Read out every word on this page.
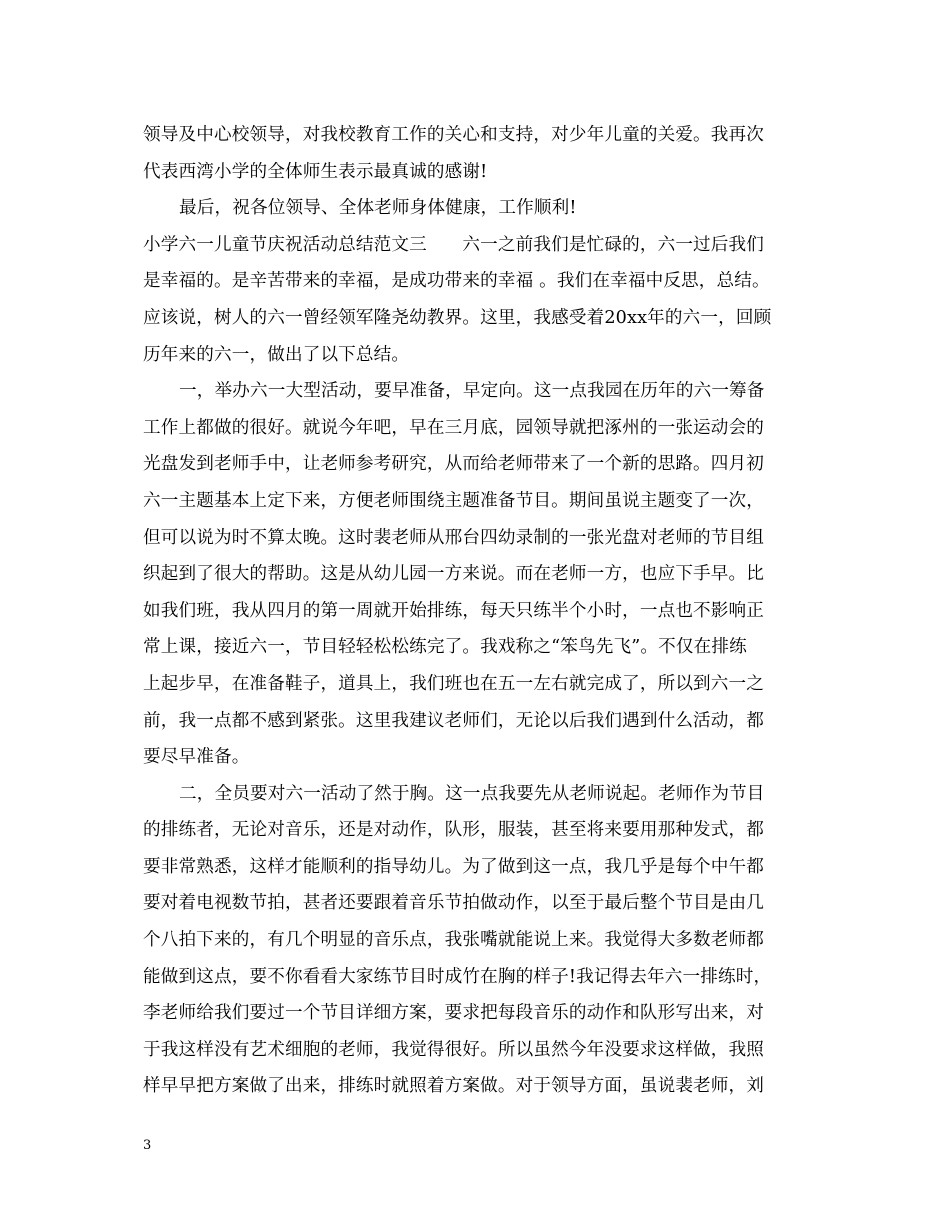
领导及中心校领导，对我校教育工作的关心和支持，对少年儿童的关爱。我再次
代表西湾小学的全体师生表示最真诚的感谢!
最后，祝各位领导、全体老师身体健康，工作顺利!
小学六一儿童节庆祝活动总结范文三　　六一之前我们是忙碌的，六一过后我们
是幸福的。是辛苦带来的幸福，是成功带来的幸福 。我们在幸福中反思，总结。
应该说，树人的六一曾经领军隆尧幼教界。这里，我感受着20xx年的六一，回顾
历年来的六一，做出了以下总结。
一，举办六一大型活动，要早准备，早定向。这一点我园在历年的六一筹备
工作上都做的很好。就说今年吧，早在三月底，园领导就把涿州的一张运动会的
光盘发到老师手中，让老师参考研究，从而给老师带来了一个新的思路。四月初
六一主题基本上定下来，方便老师围绕主题准备节目。期间虽说主题变了一次，
但可以说为时不算太晚。这时裴老师从邢台四幼录制的一张光盘对老师的节目组
织起到了很大的帮助。这是从幼儿园一方来说。而在老师一方，也应下手早。比
如我们班，我从四月的第一周就开始排练，每天只练半个小时，一点也不影响正
常上课，接近六一，节目轻轻松松练完了。我戏称之“笨鸟先飞”。不仅在排练
上起步早，在准备鞋子，道具上，我们班也在五一左右就完成了，所以到六一之
前，我一点都不感到紧张。这里我建议老师们，无论以后我们遇到什么活动，都
要尽早准备。
二，全员要对六一活动了然于胸。这一点我要先从老师说起。老师作为节目
的排练者，无论对音乐，还是对动作，队形，服装，甚至将来要用那种发式，都
要非常熟悉，这样才能顺利的指导幼儿。为了做到这一点，我几乎是每个中午都
要对着电视数节拍，甚者还要跟着音乐节拍做动作，以至于最后整个节目是由几
个八拍下来的，有几个明显的音乐点，我张嘴就能说上来。我觉得大多数老师都
能做到这点，要不你看看大家练节目时成竹在胸的样子!我记得去年六一排练时，
李老师给我们要过一个节目详细方案，要求把每段音乐的动作和队形写出来，对
于我这样没有艺术细胞的老师，我觉得很好。所以虽然今年没要求这样做，我照
样早早把方案做了出来，排练时就照着方案做。对于领导方面，虽说裴老师，刘
3
